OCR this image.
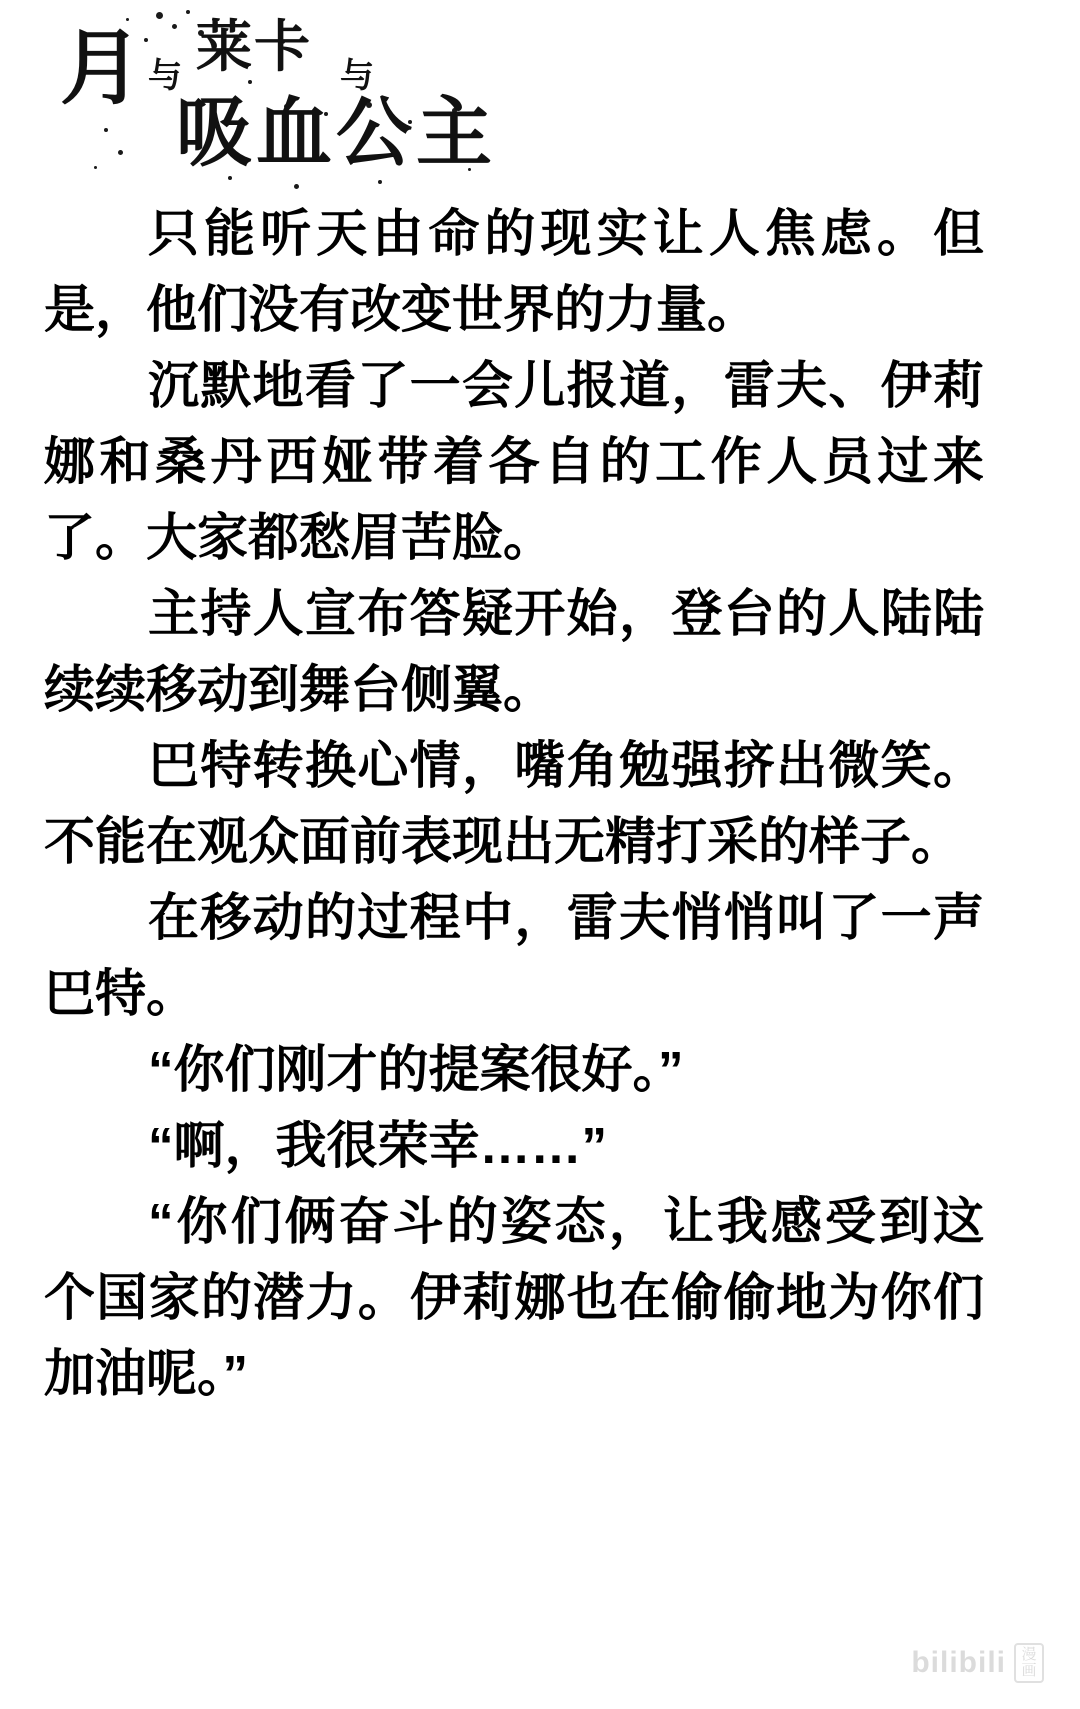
月 与 莱卡 与
吸血公主

只能听天由命的现实让人焦虑。但是，他们没有改变世界的力量。

沉默地看了一会儿报道，雷夫、伊莉娜和桑丹西娅带着各自的工作人员过来了。大家都愁眉苦脸。

主持人宣布答疑开始，登台的人陆陆续续移动到舞台侧翼。

巴特转换心情，嘴角勉强挤出微笑。不能在观众面前表现出无精打采的样子。

在移动的过程中，雷夫悄悄叫了一声巴特。

“你们刚才的提案很好。”

“啊，我很荣幸……”

“你们俩奋斗的姿态，让我感受到这个国家的潜力。伊莉娜也在偷偷地为你们加油呢。”

bilibili	漫
画
